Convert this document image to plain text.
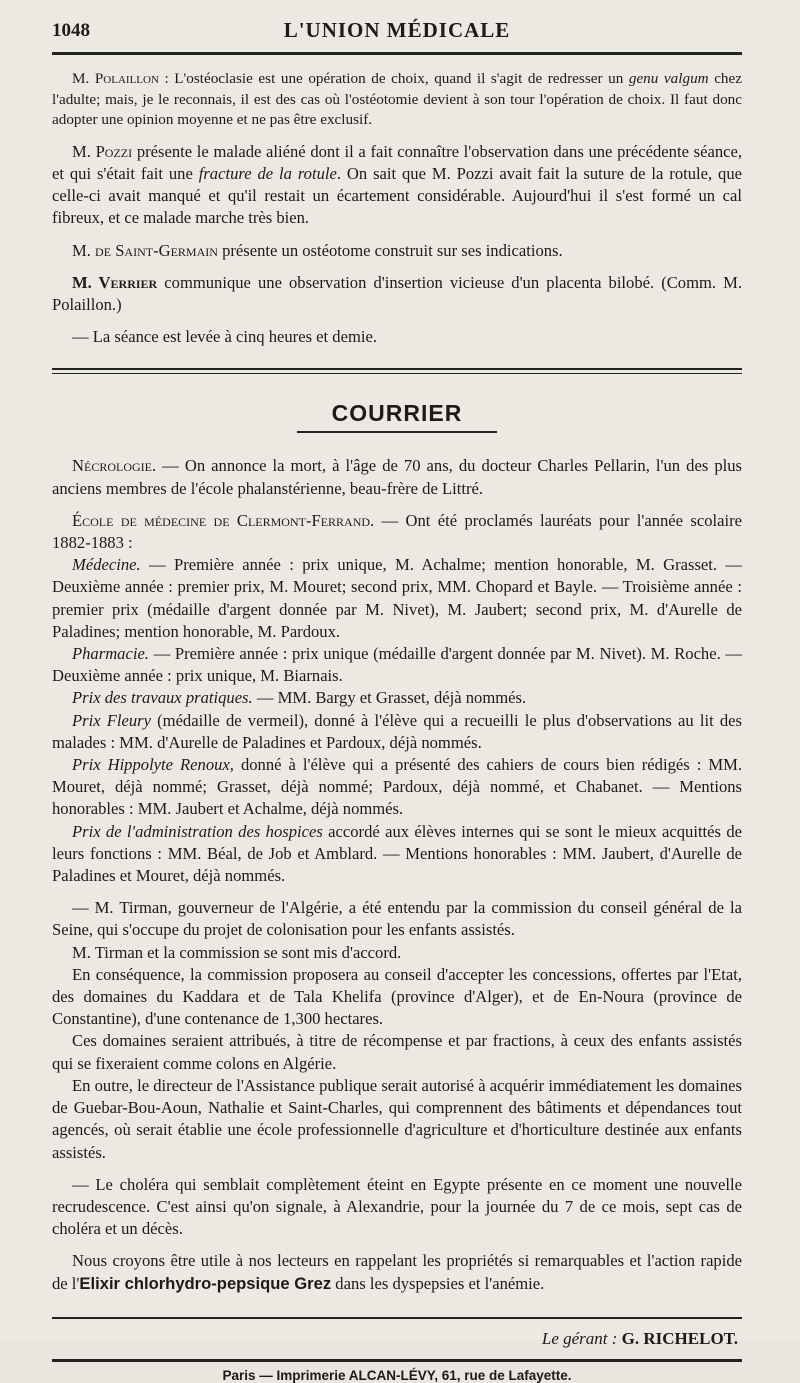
1048	L'UNION MÉDICALE

M. Polaillon : L'ostéoclasie est une opération de choix, quand il s'agit de redresser un genu valgum chez l'adulte; mais, je le reconnais, il est des cas où l'ostéotomie devient à son tour l'opération de choix. Il faut donc adopter une opinion moyenne et ne pas être exclusif.

M. Pozzi présente le malade aliéné dont il a fait connaître l'observation dans une précédente séance, et qui s'était fait une fracture de la rotule. On sait que M. Pozzi avait fait la suture de la rotule, que celle-ci avait manqué et qu'il restait un écartement considérable. Aujourd'hui il s'est formé un cal fibreux, et ce malade marche très bien.

M. de Saint-Germain présente un ostéotome construit sur ses indications.

M. Verrier communique une observation d'insertion vicieuse d'un placenta bilobé. (Comm. M. Polaillon.)

— La séance est levée à cinq heures et demie.

COURRIER

Nécrologie. — On annonce la mort, à l'âge de 70 ans, du docteur Charles Pellarin, l'un des plus anciens membres de l'école phalanstérienne, beau-frère de Littré.

École de médecine de Clermont-Ferrand. — Ont été proclamés lauréats pour l'année scolaire 1882-1883 :

Médecine. — Première année : prix unique, M. Achalme; mention honorable, M. Grasset. — Deuxième année : premier prix, M. Mouret; second prix, MM. Chopard et Bayle. — Troisième année : premier prix (médaille d'argent donnée par M. Nivet), M. Jaubert; second prix, M. d'Aurelle de Paladines; mention honorable, M. Pardoux.

Pharmacie. — Première année : prix unique (médaille d'argent donnée par M. Nivet). M. Roche. — Deuxième année : prix unique, M. Biarnais.

Prix des travaux pratiques. — MM. Bargy et Grasset, déjà nommés.

Prix Fleury (médaille de vermeil), donné à l'élève qui a recueilli le plus d'observations au lit des malades : MM. d'Aurelle de Paladines et Pardoux, déjà nommés.

Prix Hippolyte Renoux, donné à l'élève qui a présenté des cahiers de cours bien rédigés : MM. Mouret, déjà nommé; Grasset, déjà nommé; Pardoux, déjà nommé, et Chabanet. — Mentions honorables : MM. Jaubert et Achalme, déjà nommés.

Prix de l'administration des hospices accordé aux élèves internes qui se sont le mieux acquittés de leurs fonctions : MM. Béal, de Job et Amblard. — Mentions honorables : MM. Jaubert, d'Aurelle de Paladines et Mouret, déjà nommés.

— M. Tirman, gouverneur de l'Algérie, a été entendu par la commission du conseil général de la Seine, qui s'occupe du projet de colonisation pour les enfants assistés.

M. Tirman et la commission se sont mis d'accord.

En conséquence, la commission proposera au conseil d'accepter les concessions, offertes par l'Etat, des domaines du Kaddara et de Tala Khelifa (province d'Alger), et de En-Noura (province de Constantine), d'une contenance de 1,300 hectares.

Ces domaines seraient attribués, à titre de récompense et par fractions, à ceux des enfants assistés qui se fixeraient comme colons en Algérie.

En outre, le directeur de l'Assistance publique serait autorisé à acquérir immédiatement les domaines de Guebar-Bou-Aoun, Nathalie et Saint-Charles, qui comprennent des bâtiments et dépendances tout agencés, où serait établie une école professionnelle d'agriculture et d'horticulture destinée aux enfants assistés.

— Le choléra qui semblait complètement éteint en Egypte présente en ce moment une nouvelle recrudescence. C'est ainsi qu'on signale, à Alexandrie, pour la journée du 7 de ce mois, sept cas de choléra et un décès.

Nous croyons être utile à nos lecteurs en rappelant les propriétés si remarquables et l'action rapide de l'Elixir chlorhydro-pepsique Grez dans les dyspepsies et l'anémie.

Le gérant : G. RICHELOT.
Paris — Imprimerie ALCAN-LÉVY, 61, rue de Lafayette.
